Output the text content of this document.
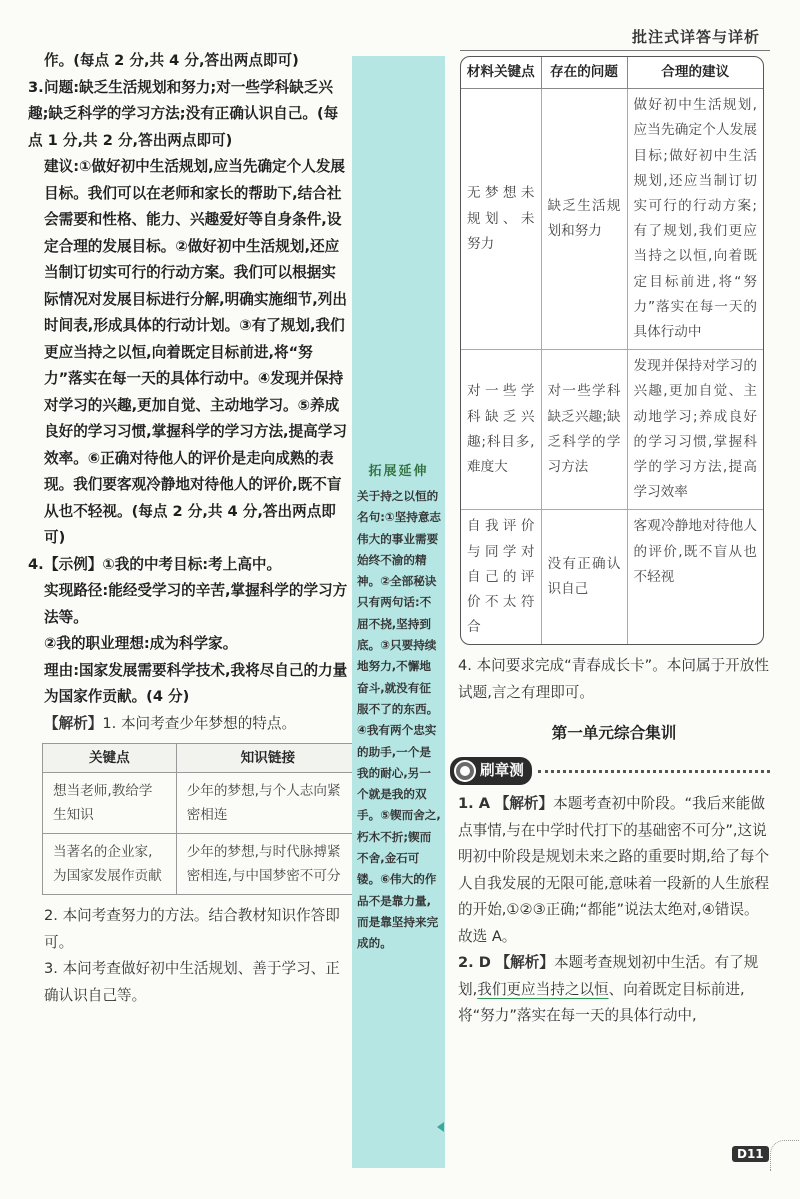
批注式详答与详析

作。(每点 2 分,共 4 分,答出两点即可)

3.问题:缺乏生活规划和努力;对一些学科缺乏兴趣;缺乏科学的学习方法;没有正确认识自己。(每点 1 分,共 2 分,答出两点即可)

建议:①做好初中生活规划,应当先确定个人发展目标。我们可以在老师和家长的帮助下,结合社会需要和性格、能力、兴趣爱好等自身条件,设定合理的发展目标。②做好初中生活规划,还应当制订切实可行的行动方案。我们可以根据实际情况对发展目标进行分解,明确实施细节,列出时间表,形成具体的行动计划。③有了规划,我们更应当持之以恒,向着既定目标前进,将“努力”落实在每一天的具体行动中。④发现并保持对学习的兴趣,更加自觉、主动地学习。⑤养成良好的学习习惯,掌握科学的学习方法,提高学习效率。⑥正确对待他人的评价是走向成熟的表现。我们要客观冷静地对待他人的评价,既不盲从也不轻视。(每点 2 分,共 4 分,答出两点即可)

4.【示例】①我的中考目标:考上高中。

实现路径:能经受学习的辛苦,掌握科学的学习方法等。

②我的职业理想:成为科学家。

理由:国家发展需要科学技术,我将尽自己的力量为国家作贡献。(4 分)

【解析】1. 本问考查少年梦想的特点。

关键点	知识链接
想当老师,教给学生知识	少年的梦想,与个人志向紧密相连
当著名的企业家,为国家发展作贡献	少年的梦想,与时代脉搏紧密相连,与中国梦密不可分

2. 本问考查努力的方法。结合教材知识作答即可。

3. 本问考查做好初中生活规划、善于学习、正确认识自己等。

拓展延伸
关于持之以恒的名句:①坚持意志伟大的事业需要始终不渝的精神。②全部秘诀只有两句话:不屈不挠,坚持到底。③只要持续地努力,不懈地奋斗,就没有征服不了的东西。④我有两个忠实的助手,一个是我的耐心,另一个就是我的双手。⑤锲而舍之,朽木不折;锲而不舍,金石可镂。⑥伟大的作品不是靠力量,而是靠坚持来完成的。
材料关键点	存在的问题	合理的建议
无梦想未规划、未努力	缺乏生活规划和努力	做好初中生活规划,应当先确定个人发展目标;做好初中生活规划,还应当制订切实可行的行动方案;有了规划,我们更应当持之以恒,向着既定目标前进,将“努力”落实在每一天的具体行动中
对一些学科缺乏兴趣;科目多,难度大	对一些学科缺乏兴趣;缺乏科学的学习方法	发现并保持对学习的兴趣,更加自觉、主动地学习;养成良好的学习习惯,掌握科学的学习方法,提高学习效率
自我评价与同学对自己的评价不太符合	没有正确认识自己	客观冷静地对待他人的评价,既不盲从也不轻视

4. 本问要求完成“青春成长卡”。本问属于开放性试题,言之有理即可。

第一单元综合集训
刷章测

1. A 【解析】本题考查初中阶段。“我后来能做点事情,与在中学时代打下的基础密不可分”,这说明初中阶段是规划未来之路的重要时期,给了每个人自我发展的无限可能,意味着一段新的人生旅程的开始,①②③正确;“都能”说法太绝对,④错误。故选 A。

2. D 【解析】本题考查规划初中生活。有了规划,我们更应当持之以恒、向着既定目标前进,将“努力”落实在每一天的具体行动中,

D11
